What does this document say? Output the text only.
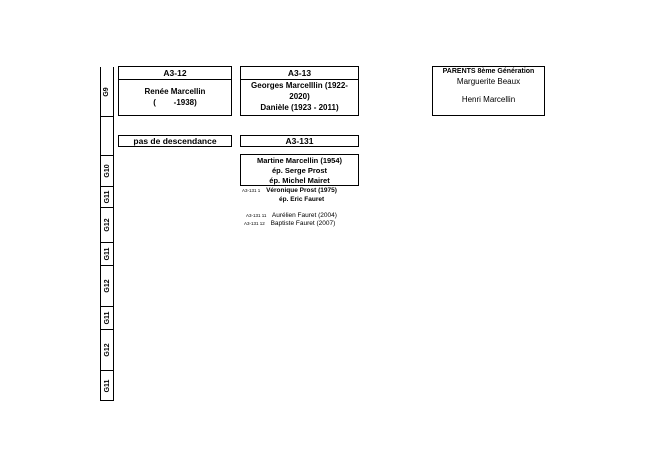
G9
G10
G11
G12
G11
G12
G11
G12
G11
A3-12
Renée Marcellin
(        -1938)
A3-13
Georges Marcelllin (1922-
2020)
Danièle (1923 - 2011)
PARENTS 8ème Génération
Marguerite Beaux
Henri Marcellin
pas de descendance	A3-131
Martine Marcellin (1954)
ép. Serge Prost
ép. Michel Mairet
A3-131 1 Véronique Prost (1975)
ép. Eric Fauret
A3-131 11 Aurélien Fauret (2004)
A3-131 12 Baptiste Fauret (2007)
